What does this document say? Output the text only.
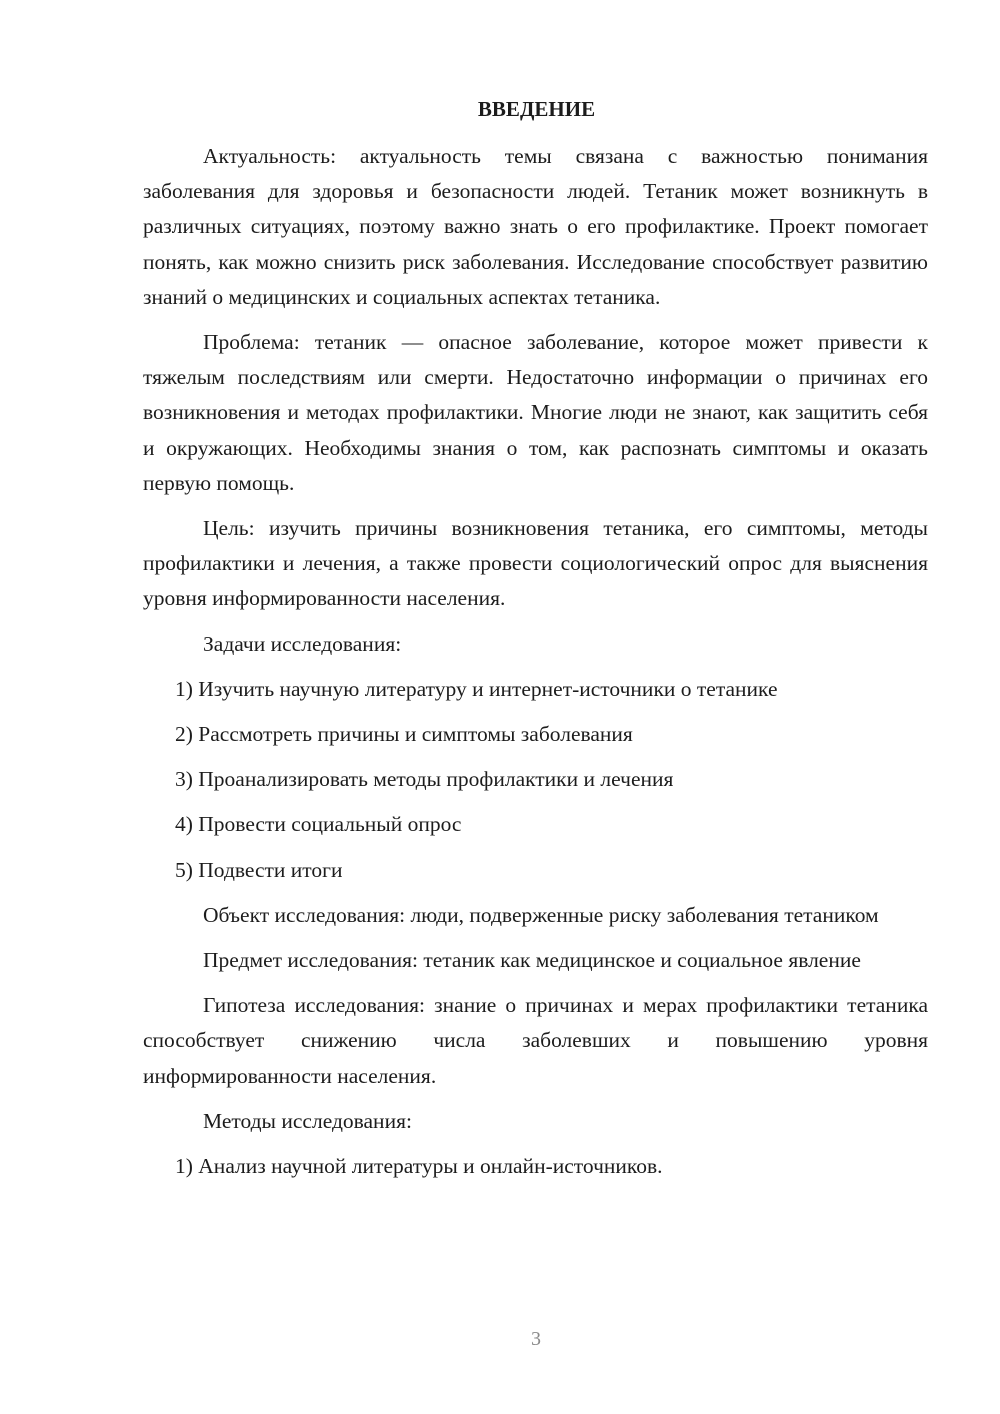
ВВЕДЕНИЕ
Актуальность: актуальность темы связана с важностью понимания заболевания для здоровья и безопасности людей. Тетаник может возникнуть в различных ситуациях, поэтому важно знать о его профилактике. Проект помогает понять, как можно снизить риск заболевания. Исследование способствует развитию знаний о медицинских и социальных аспектах тетаника.
Проблема: тетаник — опасное заболевание, которое может привести к тяжелым последствиям или смерти. Недостаточно информации о причинах его возникновения и методах профилактики. Многие люди не знают, как защитить себя и окружающих. Необходимы знания о том, как распознать симптомы и оказать первую помощь.
Цель: изучить причины возникновения тетаника, его симптомы, методы профилактики и лечения, а также провести социологический опрос для выяснения уровня информированности населения.
Задачи исследования:
1) Изучить научную литературу и интернет-источники о тетанике
2) Рассмотреть причины и симптомы заболевания
3) Проанализировать методы профилактики и лечения
4) Провести социальный опрос
5) Подвести итоги
Объект исследования: люди, подверженные риску заболевания тетаником
Предмет исследования: тетаник как медицинское и социальное явление
Гипотеза исследования: знание о причинах и мерах профилактики тетаника способствует снижению числа заболевших и повышению уровня информированности населения.
Методы исследования:
1) Анализ научной литературы и онлайн-источников.
3
